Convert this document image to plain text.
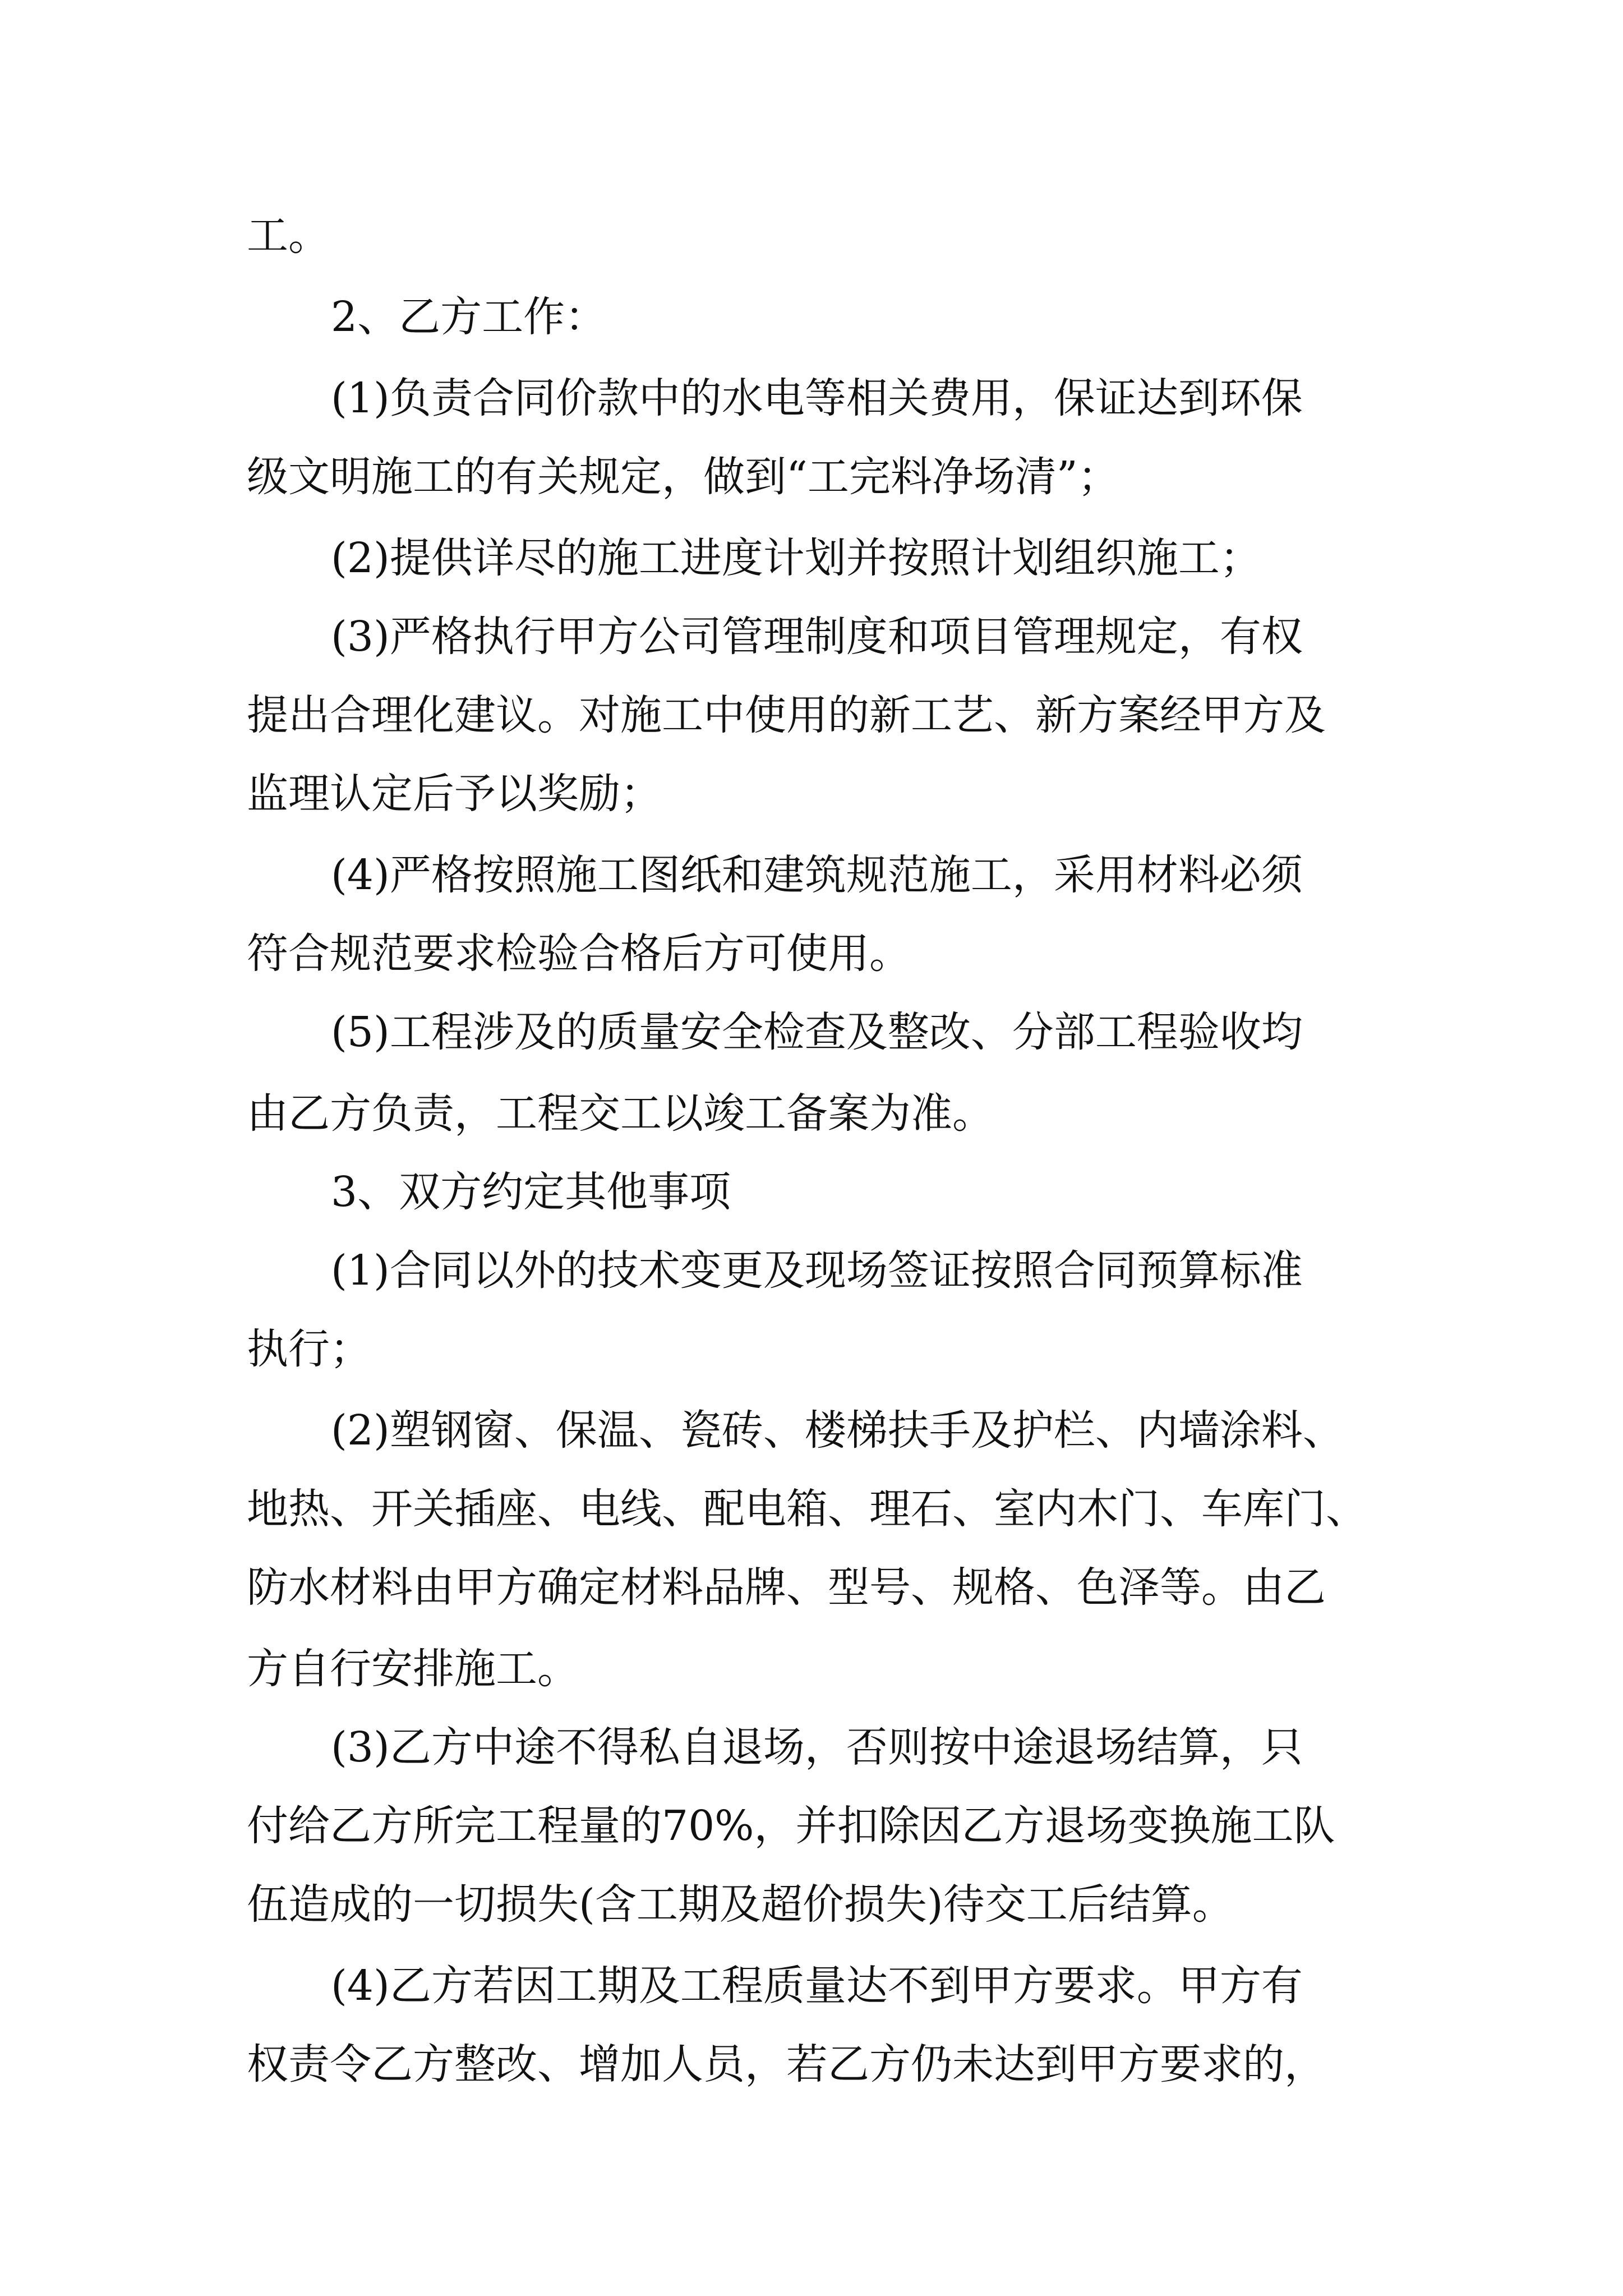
工。
2、乙方工作：
(1)负责合同价款中的水电等相关费用，保证达到环保
级文明施工的有关规定，做到“工完料净场清”；
(2)提供详尽的施工进度计划并按照计划组织施工；
(3)严格执行甲方公司管理制度和项目管理规定，有权
提出合理化建议。对施工中使用的新工艺、新方案经甲方及
监理认定后予以奖励；
(4)严格按照施工图纸和建筑规范施工，采用材料必须
符合规范要求检验合格后方可使用。
(5)工程涉及的质量安全检查及整改、分部工程验收均
由乙方负责，工程交工以竣工备案为准。
3、双方约定其他事项
(1)合同以外的技术变更及现场签证按照合同预算标准
执行；
(2)塑钢窗、保温、瓷砖、楼梯扶手及护栏、内墙涂料、
地热、开关插座、电线、配电箱、理石、室内木门、车库门、
防水材料由甲方确定材料品牌、型号、规格、色泽等。由乙
方自行安排施工。
(3)乙方中途不得私自退场，否则按中途退场结算，只
付给乙方所完工程量的70%，并扣除因乙方退场变换施工队
伍造成的一切损失(含工期及超价损失)待交工后结算。
(4)乙方若因工期及工程质量达不到甲方要求。甲方有
权责令乙方整改、增加人员，若乙方仍未达到甲方要求的，
